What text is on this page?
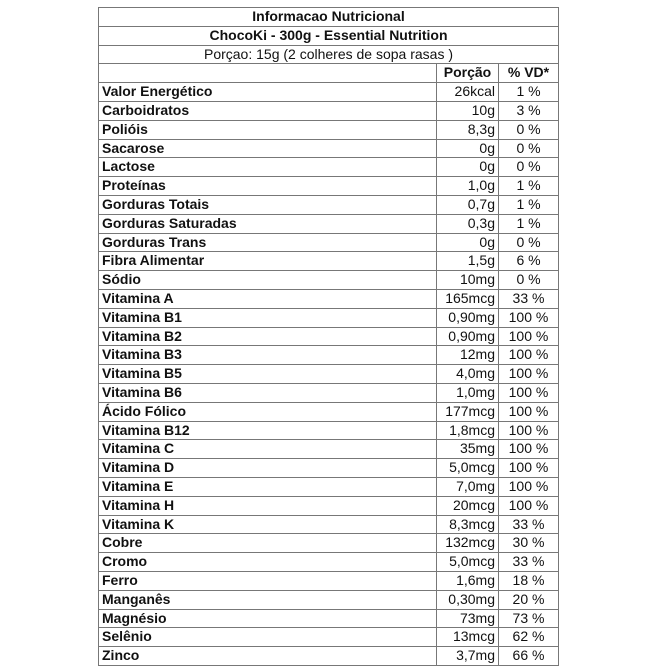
Informacao Nutricional		
ChocoKi - 300g - Essential Nutrition		
Porçao: 15g (2 colheres de sopa rasas )		
	Porção	% VD*
Valor Energético	26kcal	1 %
Carboidratos	10g	3 %
Polióis	8,3g	0 %
Sacarose	0g	0 %
Lactose	0g	0 %
Proteínas	1,0g	1 %
Gorduras Totais	0,7g	1 %
Gorduras Saturadas	0,3g	1 %
Gorduras Trans	0g	0 %
Fibra Alimentar	1,5g	6 %
Sódio	10mg	0 %
Vitamina A	165mcg	33 %
Vitamina B1	0,90mg	100 %
Vitamina B2	0,90mg	100 %
Vitamina B3	12mg	100 %
Vitamina B5	4,0mg	100 %
Vitamina B6	1,0mg	100 %
Ácido Fólico	177mcg	100 %
Vitamina B12	1,8mcg	100 %
Vitamina C	35mg	100 %
Vitamina D	5,0mcg	100 %
Vitamina E	7,0mg	100 %
Vitamina H	20mcg	100 %
Vitamina K	8,3mcg	33 %
Cobre	132mcg	30 %
Cromo	5,0mcg	33 %
Ferro	1,6mg	18 %
Manganês	0,30mg	20 %
Magnésio	73mg	73 %
Selênio	13mcg	62 %
Zinco	3,7mg	66 %
